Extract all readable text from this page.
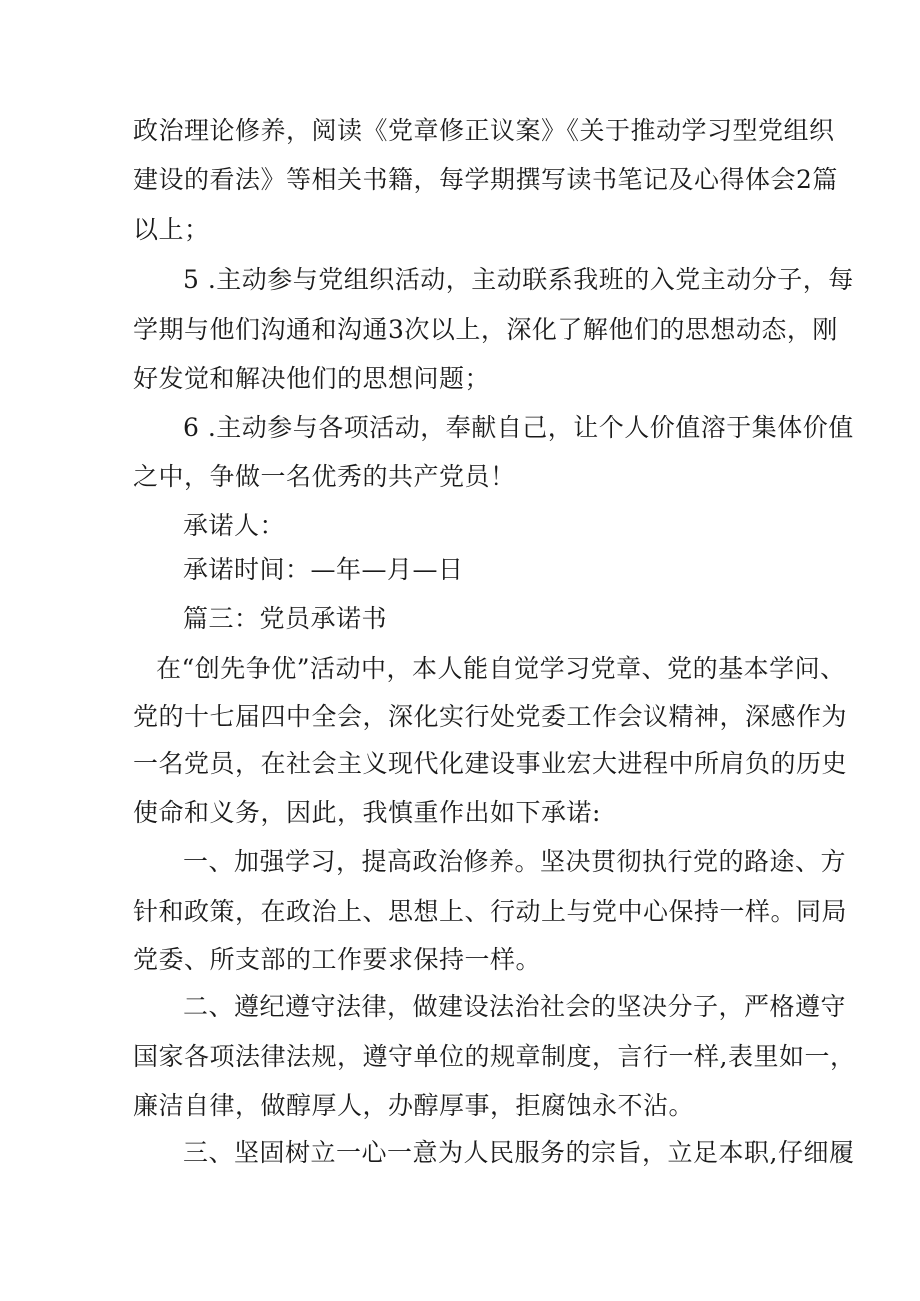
政治理论修养，阅读《党章修正议案》《关于推动学习型党组织
建设的看法》等相关书籍，每学期撰写读书笔记及心得体会2篇
以上；
5 .主动参与党组织活动，主动联系我班的入党主动分子，每
学期与他们沟通和沟通3次以上，深化了解他们的思想动态，刚
好发觉和解决他们的思想问题；
6 .主动参与各项活动，奉献自己，让个人价值溶于集体价值
之中，争做一名优秀的共产党员！
承诺人：
承诺时间：—年—月—日
篇三：党员承诺书
在“创先争优”活动中，本人能自觉学习党章、党的基本学问、
党的十七届四中全会，深化实行处党委工作会议精神，深感作为
一名党员，在社会主义现代化建设事业宏大进程中所肩负的历史
使命和义务，因此，我慎重作出如下承诺:
一、加强学习，提高政治修养。坚决贯彻执行党的路途、方
针和政策，在政治上、思想上、行动上与党中心保持一样。同局
党委、所支部的工作要求保持一样。
二、遵纪遵守法律，做建设法治社会的坚决分子，严格遵守
国家各项法律法规，遵守单位的规章制度，言行一样,表里如一，
廉洁自律，做醇厚人，办醇厚事，拒腐蚀永不沾。
三、坚固树立一心一意为人民服务的宗旨，立足本职,仔细履
